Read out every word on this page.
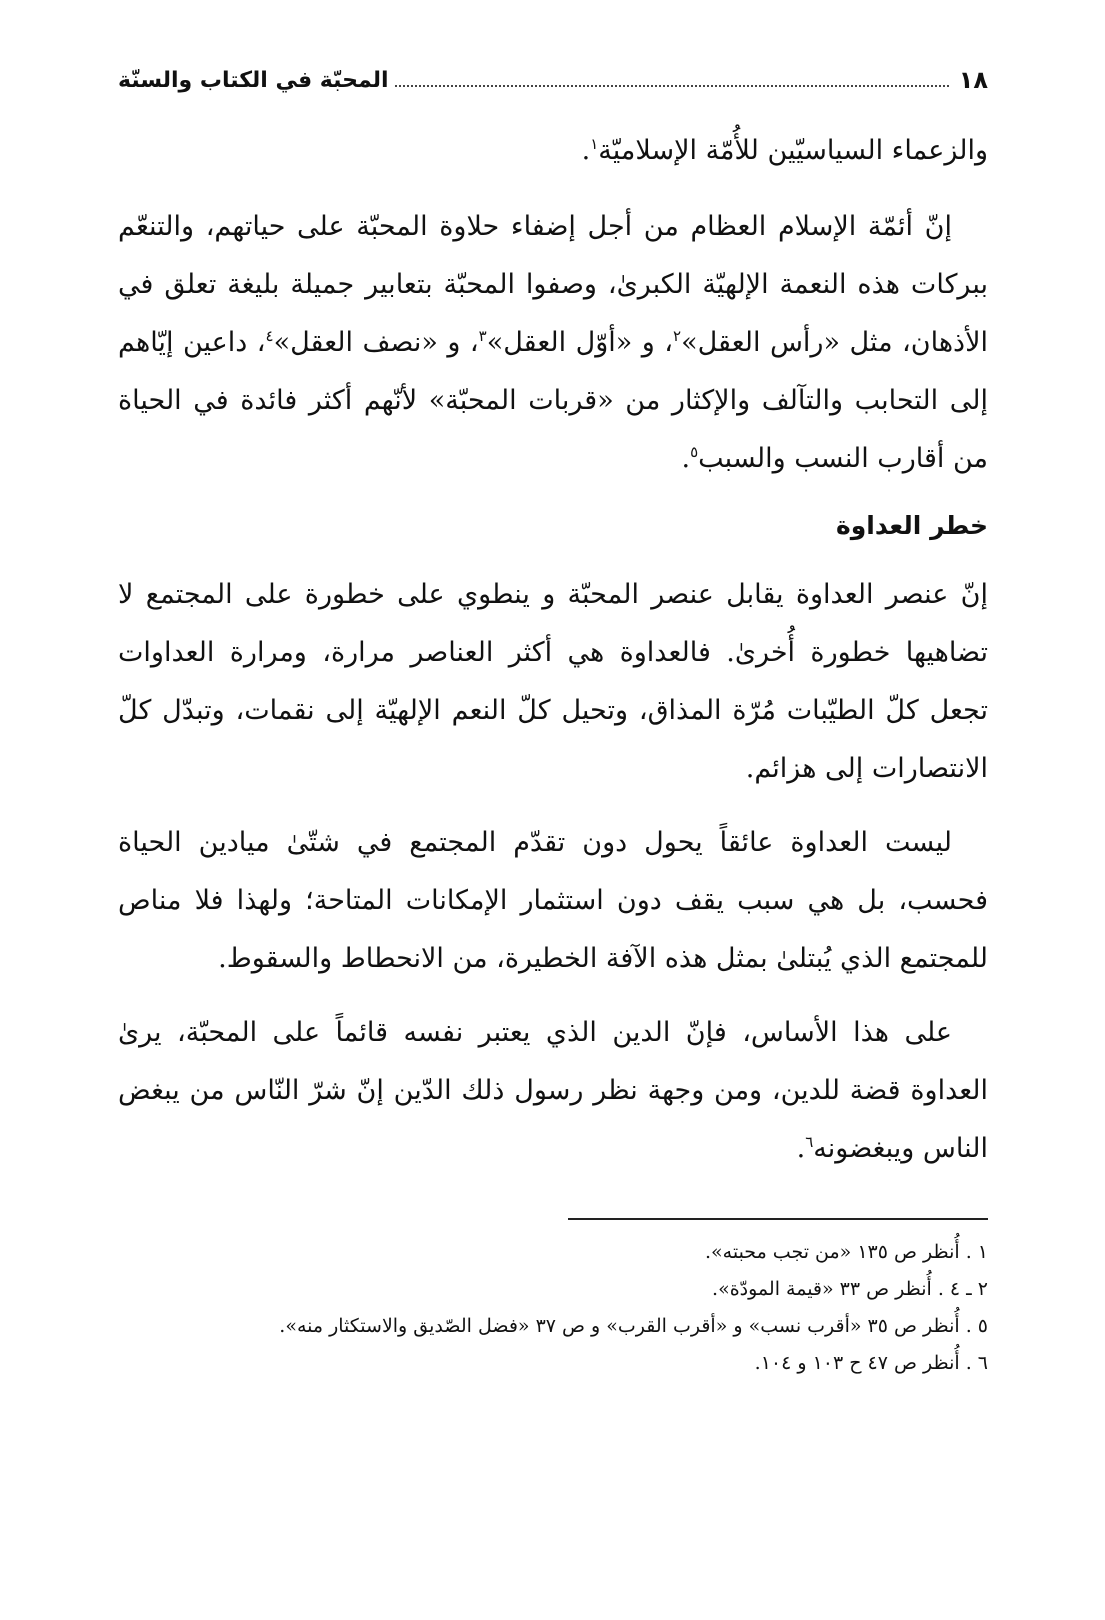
١٨
المحبّة في الكتاب والسنّة

والزعماء السياسيّين للأُمّة الإسلاميّة$^١$.

إنّ أئمّة الإسلام العظام من أجل إضفاء حلاوة المحبّة على حياتهم، والتنعّم ببركات هذه النعمة الإلهيّة الكبرىٰ، وصفوا المحبّة بتعابير جميلة بليغة تعلق في الأذهان، مثل «رأس العقل»$^٢$، و «أوّل العقل»$^٣$، و «نصف العقل»$^٤$، داعين إيّاهم إلى التحابب والتآلف والإكثار من «قربات المحبّة» لأنّهم أكثر فائدة في الحياة من أقارب النسب والسبب$^٥$.

خطر العداوة

إنّ عنصر العداوة يقابل عنصر المحبّة و ينطوي على خطورة على المجتمع لا تضاهيها خطورة أُخرىٰ. فالعداوة هي أكثر العناصر مرارة، ومرارة العداوات تجعل كلّ الطيّبات مُرّة المذاق، وتحيل كلّ النعم الإلهيّة إلى نقمات، وتبدّل كلّ الانتصارات إلى هزائم.

ليست العداوة عائقاً يحول دون تقدّم المجتمع في شتّىٰ ميادين الحياة فحسب، بل هي سبب يقف دون استثمار الإمكانات المتاحة؛ ولهذا فلا مناص للمجتمع الذي يُبتلىٰ بمثل هذه الآفة الخطيرة، من الانحطاط والسقوط.

على هذا الأساس، فإنّ الدين الذي يعتبر نفسه قائماً على المحبّة، يرىٰ العداوة قضة للدين، ومن وجهة نظر رسول ذلك الدّين إنّ شرّ النّاس من يبغض الناس ويبغضونه$^٦$.

١ . أُنظر ص ١٣٥ «من تجب محبته».
٢ ـ ٤ . أُنظر ص ٣٣ «قيمة المودّة».
٥ . أُنظر ص ٣٥ «أقرب نسب» و «أقرب القرب» و ص ٣٧ «فضل الصّديق والاستكثار منه».
٦ . أُنظر ص ٤٧ ح ١٠٣ و ١٠٤.
